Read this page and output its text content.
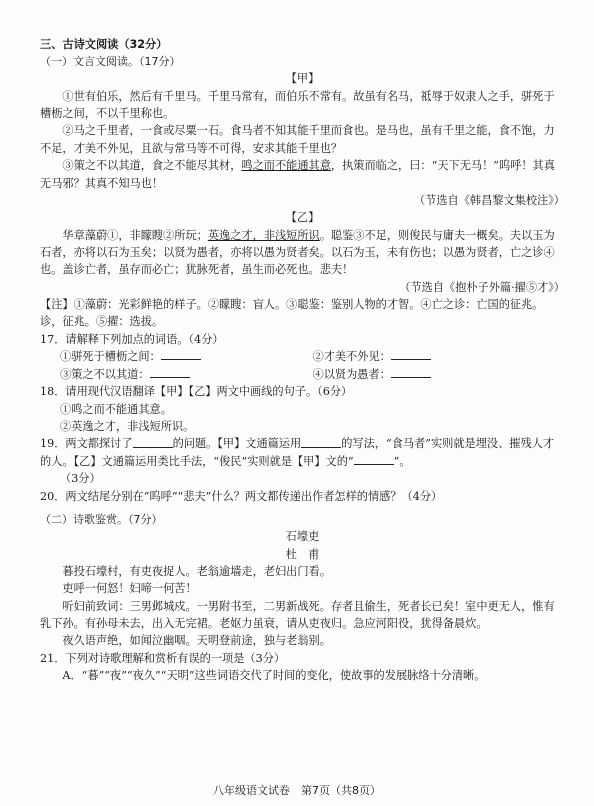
三、古诗文阅读（32分）

（一）文言文阅读。（17分）

【甲】

①世有伯乐，然后有千里马。千里马常有，而伯乐不常有。故虽有名马，祗辱于奴隶人之手，骈死于槽枥之间，不以千里称也。

②马之千里者，一食或尽粟一石。食马者不知其能千里而食也。是马也，虽有千里之能，食不饱，力不足，才美不外见，且欲与常马等不可得，安求其能千里也？

③策之不以其道，食之不能尽其材，鸣之而不能通其意，执策而临之，曰：“天下无马！”呜呼！其真无马邪？其真不知马也！

（节选自《韩昌黎文集校注》）

【乙】

华章藻蔚①，非矇瞍②所玩；英逸之才，非浅短所识。聪鉴③不足，则俊民与庸夫一概矣。夫以玉为石者，亦将以石为玉矣；以贤为愚者，亦将以愚为贤者矣。以石为玉，未有伤也；以愚为贤者，亡之诊④也。盖诊亡者，虽存而必亡；犹脉死者，虽生而必死也。悲夫！

（节选自《抱朴子外篇·擢⑤才》）

【注】①藻蔚：光彩鲜艳的样子。②矇瞍：盲人。③聪鉴：鉴别人物的才智。④亡之诊：亡国的征兆。诊，征兆。⑤擢：选拔。

17．请解释下列加点的词语。（4分）

①骈死于槽枥之间：	②才美不外见：
③策之不以其道：	④以贤为愚者：

18．请用现代汉语翻译【甲】【乙】两文中画线的句子。（6分）

①鸣之而不能通其意。

②英逸之才，非浅短所识。

19．两文都探讨了	的问题。【甲】文通篇运用	的写法，“食马者”实则就是埋没、摧残人才的人。【乙】文通篇运用类比手法，“俊民”实则就是【甲】文的“	”。

（3分）

20．两文结尾分别在“呜呼”“悲夫”什么？两文都传递出作者怎样的情感？（4分）

（二）诗歌鉴赏。（7分）

石壕吏

杜　甫

暮投石壕村，有吏夜捉人。老翁逾墙走，老妇出门看。

吏呼一何怒！妇啼一何苦！

听妇前致词：三男邺城戍。一男附书至，二男新战死。存者且偷生，死者长已矣！室中更无人，惟有乳下孙。有孙母未去，出入无完裙。老妪力虽衰，请从吏夜归。急应河阳役，犹得备晨炊。

夜久语声绝，如闻泣幽咽。天明登前途，独与老翁别。

21．下列对诗歌理解和赏析有误的一项是（3分）

A．“暮”“夜”“夜久”“天明”这些词语交代了时间的变化，使故事的发展脉络十分清晰。

八年级语文试卷　第7页（共8页）
